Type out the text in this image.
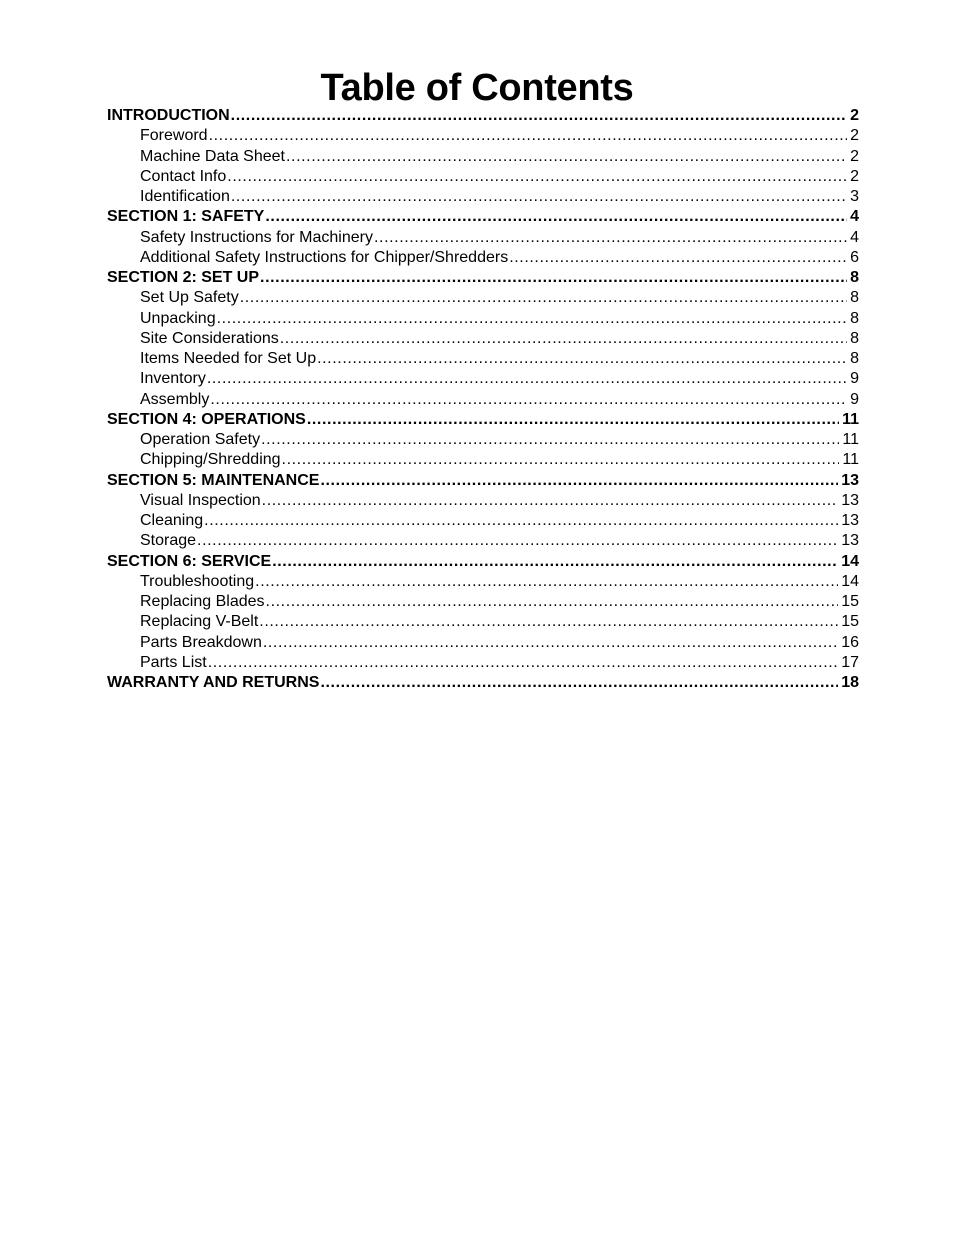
Table of Contents
INTRODUCTION .....	2
Foreword .....	2
Machine Data Sheet .....	2
Contact Info .....	2
Identification .....	3
SECTION 1: SAFETY .....	4
Safety Instructions for Machinery .....	4
Additional Safety Instructions for Chipper/Shredders .....	6
SECTION 2: SET UP .....	8
Set Up Safety .....	8
Unpacking .....	8
Site Considerations .....	8
Items Needed for Set Up .....	8
Inventory .....	9
Assembly .....	9
SECTION 4: OPERATIONS .....	11
Operation Safety .....	11
Chipping/Shredding .....	11
SECTION 5: MAINTENANCE .....	13
Visual Inspection .....	13
Cleaning .....	13
Storage .....	13
SECTION 6: SERVICE .....	14
Troubleshooting .....	14
Replacing Blades .....	15
Replacing V-Belt .....	15
Parts Breakdown .....	16
Parts List .....	17
WARRANTY AND RETURNS .....	18
